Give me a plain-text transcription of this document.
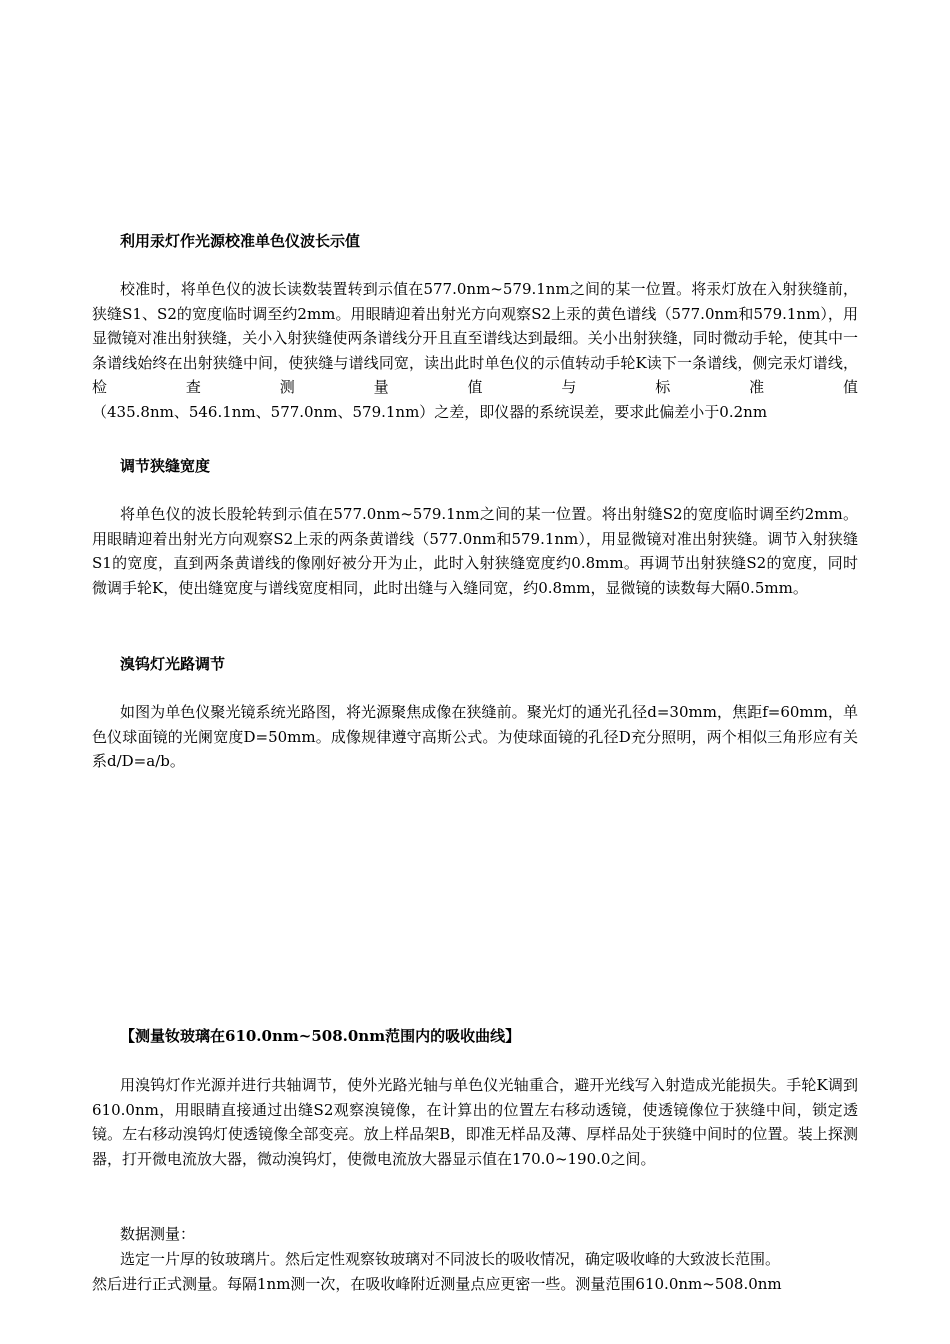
利用汞灯作光源校准单色仪波长示值

校准时，将单色仪的波长读数装置转到示值在577.0nm~579.1nm之间的某一位置。将汞灯放在入射狭缝前，狭缝S1、S2的宽度临时调至约2mm。用眼睛迎着出射光方向观察S2上汞的黄色谱线（577.0nm和579.1nm），用显微镜对准出射狭缝，关小入射狭缝使两条谱线分开且直至谱线达到最细。关小出射狭缝，同时微动手轮，使其中一条谱线始终在出射狭缝中间，使狭缝与谱线同宽，读出此时单色仪的示值转动手轮K读下一条谱线，侧完汞灯谱线，检查测量值与标准值

（435.8nm、546.1nm、577.0nm、579.1nm）之差，即仪器的系统误差，要求此偏差小于0.2nm

调节狭缝宽度

将单色仪的波长股轮转到示值在577.0nm~579.1nm之间的某一位置。将出射缝S2的宽度临时调至约2mm。用眼睛迎着出射光方向观察S2上汞的两条黄谱线（577.0nm和579.1nm），用显微镜对准出射狭缝。调节入射狭缝S1的宽度，直到两条黄谱线的像刚好被分开为止，此时入射狭缝宽度约0.8mm。再调节出射狭缝S2的宽度，同时微调手轮K，使出缝宽度与谱线宽度相同，此时出缝与入缝同宽，约0.8mm，显微镜的读数每大隔0.5mm。

溴钨灯光路调节

如图为单色仪聚光镜系统光路图，将光源聚焦成像在狭缝前。聚光灯的通光孔径d=30mm，焦距f=60mm，单色仪球面镜的光阑宽度D=50mm。成像规律遵守高斯公式。为使球面镜的孔径D充分照明，两个相似三角形应有关系d/D=a/b。

【测量钕玻璃在610.0nm~508.0nm范围内的吸收曲线】

用溴钨灯作光源并进行共轴调节，使外光路光轴与单色仪光轴重合，避开光线写入射造成光能损失。手轮K调到610.0nm，用眼睛直接通过出缝S2观察溴镜像，在计算出的位置左右移动透镜，使透镜像位于狭缝中间，锁定透镜。左右移动溴钨灯使透镜像全部变亮。放上样品架B，即准无样品及薄、厚样品处于狭缝中间时的位置。装上探测器，打开微电流放大器，微动溴钨灯，使微电流放大器显示值在170.0~190.0之间。

数据测量：

选定一片厚的钕玻璃片。然后定性观察钕玻璃对不同波长的吸收情况，确定吸收峰的大致波长范围。

然后进行正式测量。每隔1nm测一次，在吸收峰附近测量点应更密一些。测量范围610.0nm~508.0nm
